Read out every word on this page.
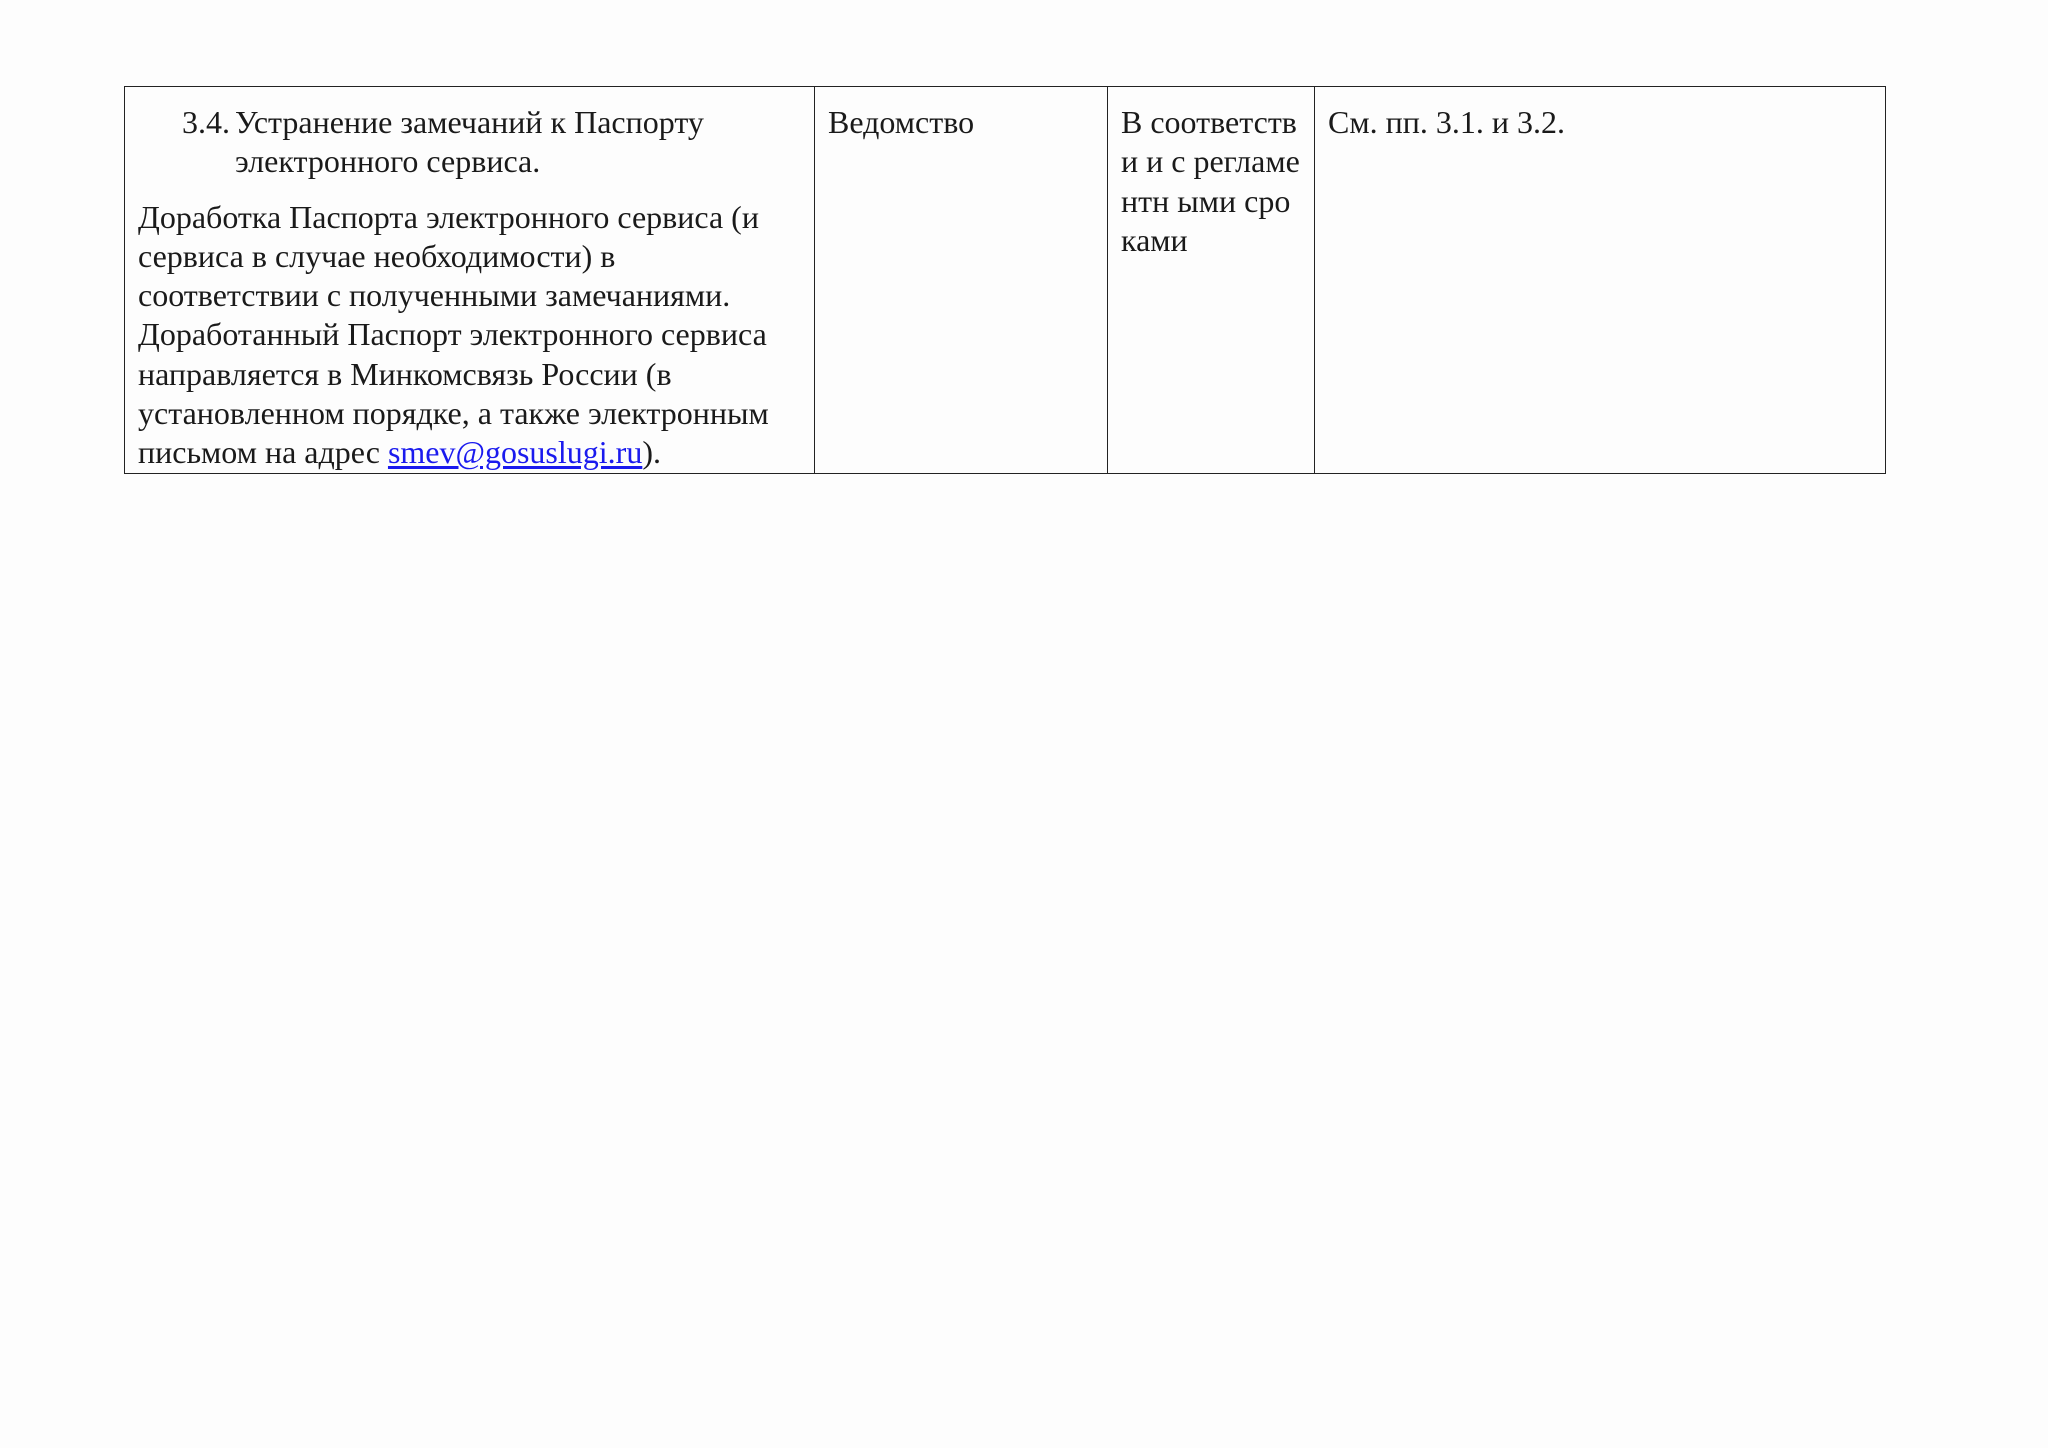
3.4. Устранение замечаний к Паспорту электронного сервиса.

Доработка Паспорта электронного сервиса (и сервиса в случае необходимости) в соответствии с полученными замечаниями. Доработанный Паспорт электронного сервиса направляется в Минкомсвязь России (в установленном порядке, а также электронным письмом на адрес smev@gosuslugi.ru).

	Ведомство	В соответстви и с регламентн ыми сроками	См. пп. 3.1. и 3.2.
